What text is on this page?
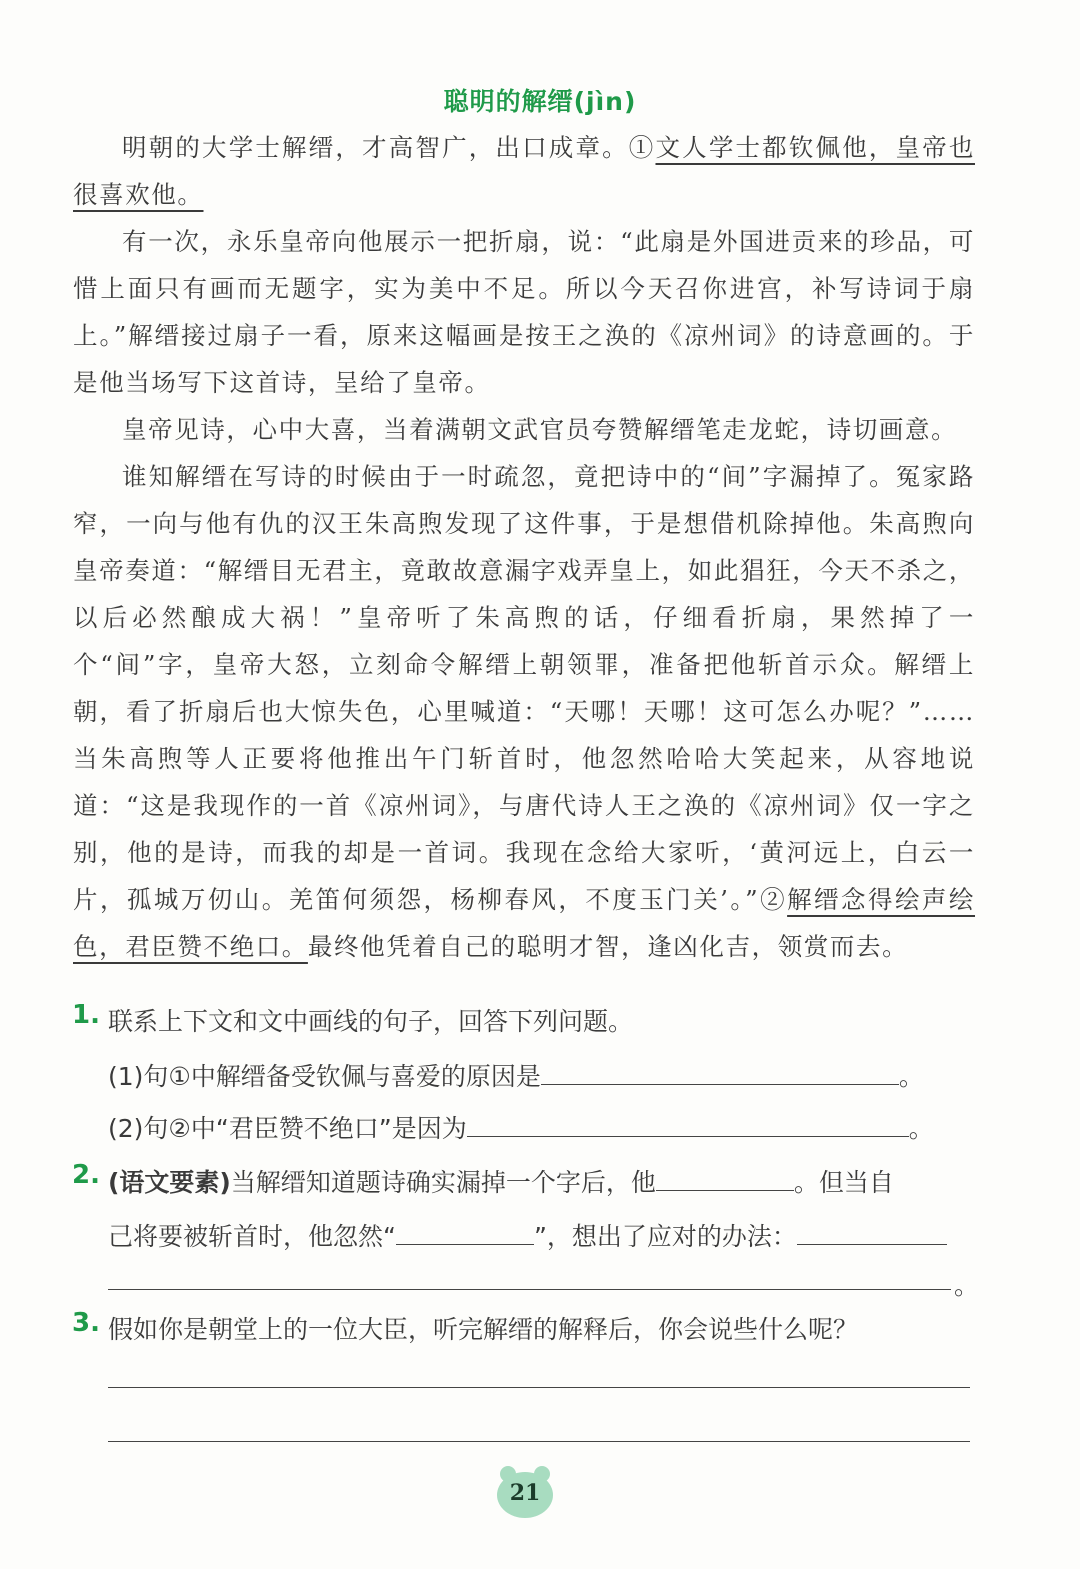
聪明的解缙(jìn)

明朝的大学士解缙，才高智广，出口成章。①文人学士都钦佩他，皇帝也很喜欢他。

有一次，永乐皇帝向他展示一把折扇，说：“此扇是外国进贡来的珍品，可惜上面只有画而无题字，实为美中不足。所以今天召你进宫，补写诗词于扇上。”解缙接过扇子一看，原来这幅画是按王之涣的《凉州词》的诗意画的。于是他当场写下这首诗，呈给了皇帝。

皇帝见诗，心中大喜，当着满朝文武官员夸赞解缙笔走龙蛇，诗切画意。

谁知解缙在写诗的时候由于一时疏忽，竟把诗中的“间”字漏掉了。冤家路窄，一向与他有仇的汉王朱高煦发现了这件事，于是想借机除掉他。朱高煦向皇帝奏道：“解缙目无君主，竟敢故意漏字戏弄皇上，如此猖狂，今天不杀之，以后必然酿成大祸！”皇帝听了朱高煦的话，仔细看折扇，果然掉了一个“间”字，皇帝大怒，立刻命令解缙上朝领罪，准备把他斩首示众。解缙上朝，看了折扇后也大惊失色，心里喊道：“天哪！天哪！这可怎么办呢？”……当朱高煦等人正要将他推出午门斩首时，他忽然哈哈大笑起来，从容地说道：“这是我现作的一首《凉州词》，与唐代诗人王之涣的《凉州词》仅一字之别，他的是诗，而我的却是一首词。我现在念给大家听，‘黄河远上，白云一片，孤城万仞山。羌笛何须怨，杨柳春风，不度玉门关’。”②解缙念得绘声绘色，君臣赞不绝口。最终他凭着自己的聪明才智，逢凶化吉，领赏而去。

1. 联系上下文和文中画线的句子，回答下列问题。
(1)句①中解缙备受钦佩与喜爱的原因是	。
(2)句②中“君臣赞不绝口”是因为	。
2. (语文要素)当解缙知道题诗确实漏掉一个字后，他	。但当自
己将要被斩首时，他忽然“	”，想出了应对的办法：
。
3. 假如你是朝堂上的一位大臣，听完解缙的解释后，你会说些什么呢？
21
